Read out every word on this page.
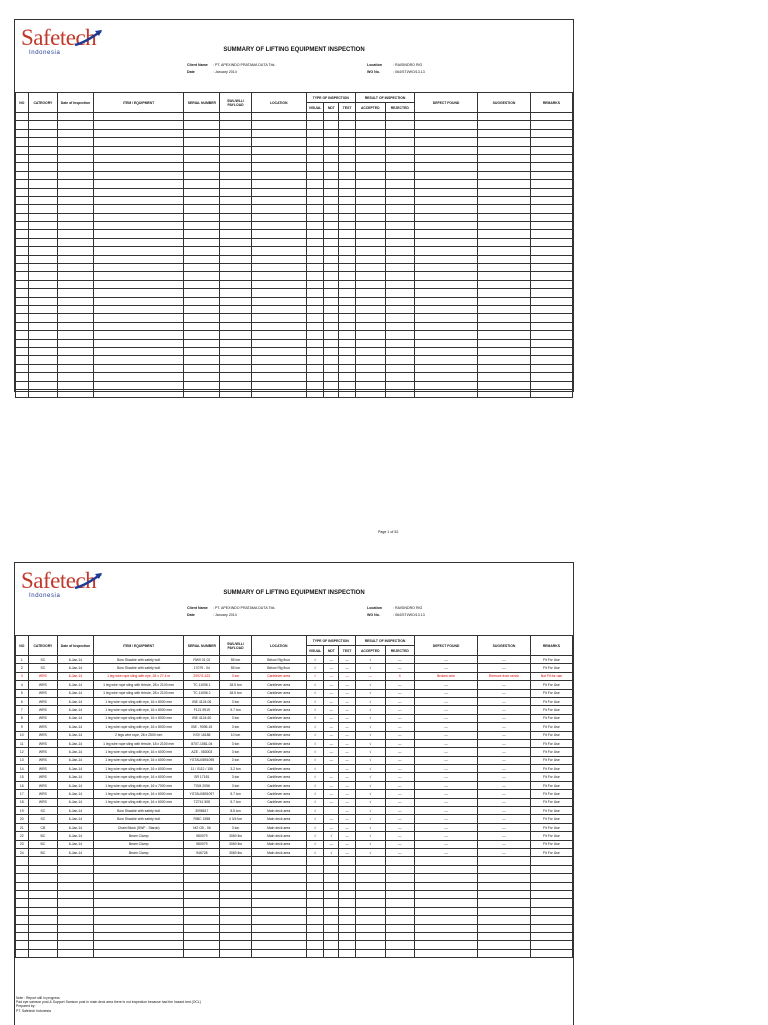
Safetech
Indonesia	SUMMARY OF LIFTING EQUIPMENT INSPECTION
Client Name : PT. APEXINDO PRATAMA DUTA Tbk.
Date	: January 2014
Location	: RAISINDRO RIG
WO No.	: 064/STI/WO/13.13
NO	CATEGORY	Date of Inspection	ITEM / EQUIPMENT	SERIAL NUMBER	SWL/WLL/ PAYLOAD	LOCATION	TYPE OF INSPECTION			RESULT OF INSPECTION		DEFECT FOUND	SUGGESTION	REMARKS
							VISUAL	NDT	TEST	ACCEPTED	REJECTED			

Page 1 of 52
Safetech
Indonesia	SUMMARY OF LIFTING EQUIPMENT INSPECTION
Client Name : PT. APEXINDO PRATAMA DUTA Tbk.
Date	: January 2014
Location	: RAISINDRO RIG
WO No.	: 064/STI/WO/13.13
NO	CATEGORY	Date of Inspection	ITEM / EQUIPMENT	SERIAL NUMBER	SWL/WLL/ PAYLOAD	LOCATION	TYPE OF INSPECTION			RESULT OF INSPECTION		DEFECT FOUND	SUGGESTION	REMARKS
							VISUAL	NDT	TEST	ACCEPTED	REJECTED			
1	SC	6-Jan-14	Bow Shackle with safety bolt	RW0 01 02	55 ton	Below Rig floor	√	—	—	√	—	—	—	Fit For Use
2	SC	6-Jan-14	Bow Shackle with safety bolt	17079 - 04	55 ton	Below Rig floor	√	—	—	√	—	—	—	Fit For Use
3	WRS	6-Jan-14	1 leg wire rope sling with eye, 28 x 27.4 m	2097/1.422	3 ton	Cantilever area	√	—	—	—	X	Broken wire	Remove from servic	Not Fit for use
4	WRS	6-Jan-14	1 leg wire rope sling with ferrule, 28 x 2100 mm	TC 11096 1	18.5 ton	Cantilever area	√	—	—	√	—	—	—	Fit For Use
5	WRS	6-Jan-14	1 leg wire rope sling with ferrule, 28 x 2100 mm	TC 11096 2	18.5 ton	Cantilever area	√	—	—	√	—	—	—	Fit For Use
6	WRS	6-Jan-14	1 leg wire rope sling with eye, 16 x 8000 mm	IBE 4124-06	3 ton	Cantilever area	√	—	—	√	—	—	—	Fit For Use
7	WRS	6-Jan-14	1 leg wire rope sling with eye, 16 x 8000 mm	F121 9919	5.7 ton	Cantilever area	√	—	—	√	—	—	—	Fit For Use
8	WRS	6-Jan-14	1 leg wire rope sling with eye, 16 x 8000 mm	IBE 4124-60	3 ton	Cantilever area	√	—	—	√	—	—	—	Fit For Use
9	WRS	6-Jan-14	1 leg wire rope sling with eye, 16 x 8000 mm	IBE - 9098-15	3 ton	Cantilever area	√	—	—	√	—	—	—	Fit For Use
10	WRS	6-Jan-14	2 legs wire rope, 26 x 2500 mm	KSV 16188	10 ton	Cantilever area	√	—	—	√	—	—	—	Fit For Use
11	WRS	6-Jan-14	1 leg wire rope sling with ferrule, 18 x 2100 mm	8707-1081-04	3 ton	Cantilever area	√	—	—	√	—	—	—	Fit For Use
12	WRS	6-Jan-14	1 leg wire rope sling with eye, 16 x 6000 mm	AZE - 083003	3 ton	Cantilever area	√	—	—	√	—	—	—	Fit For Use
13	WRS	6-Jan-14	1 leg wire rope sling with eye, 16 x 6000 mm	YGTAU0891095	3 ton	Cantilever area	√	—	—	√	—	—	—	Fit For Use
14	WRS	6-Jan-14	1 leg wire rope sling with eye, 16 x 6000 mm	11 / 0112 / 156	3.2 ton	Cantilever area	√		—	√	—	—	—	Fit For Use
15	WRS	6-Jan-14	1 leg wire rope sling with eye, 16 x 6000 mm	SR 17181	3 ton	Cantilever area	√	—	—	√	—	—	—	Fit For Use
16	WRS	6-Jan-14	1 leg wire rope sling with eye, 16 x 7000 mm	TGM 2056	3 ton	Cantilever area	√	—	—	√	—	—	—	Fit For Use
17	WRS	6-Jan-14	1 leg wire rope sling with eye, 16 x 6000 mm	YGTAU0891097	5.7 ton	Cantilever area	√	—	—	√	—	—	—	Fit For Use
18	WRS	6-Jan-14	1 leg wire rope sling with eye, 16 x 6000 mm	TZ741 508	5.7 ton	Cantilever area	√	—	—	√	—	—	—	Fit For Use
19	SC	6-Jan-14	Bow Shackle with safety bolt	3098617	8.5 ton	Main deck area	√		—	√	—	—	—	Fit For Use
20	SC	6-Jan-14	Bow Shackle with safety bolt	RIBC 1558	4 3/4 ton	Main deck area	√	—	—	√	—	—	—	Fit For Use
21	CB	6-Jan-14	Chain Block (SWF - Stardo)	NO CB - 06	3 ton	Main deck area	√	—	—	√	—	—	—	Fit For Use
22	BC	6-Jan-14	Beam Clamp	980079	3060 lbs	Main deck area	√	√	—	√	—	—	—	Fit For Use
23	BC	6-Jan-14	Beam Clamp	980079	3060 lbs	Main deck area	√	—	—	√	—	—	—	Fit For Use
24	BC	6-Jan-14	Beam Clamp	946728	3060 lbs	Main deck area	√	√	—	√	—	—	—	Fit For Use

Note : Report still in progress
Pad eye samson post & Support Samson post in main deck area there is not inspection because had the hazard test (OCL)
Prepared by:
PT. Safetech Indonesia
